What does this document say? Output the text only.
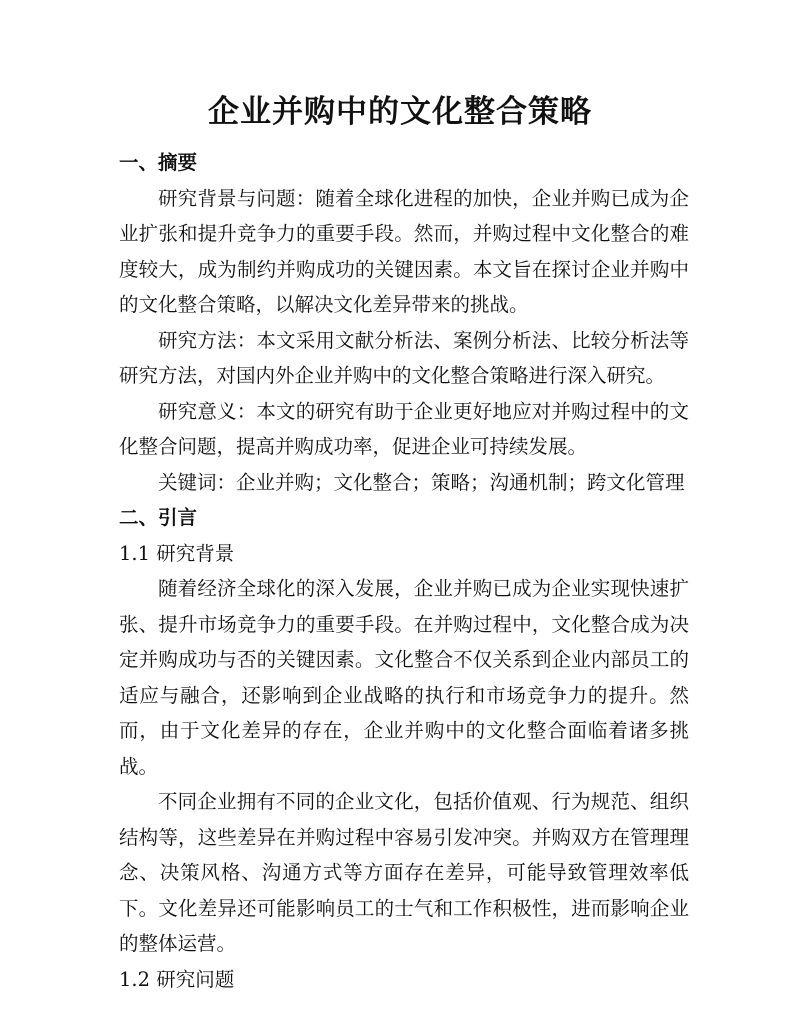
企业并购中的文化整合策略

一、摘要

研究背景与问题：随着全球化进程的加快，企业并购已成为企业扩张和提升竞争力的重要手段。然而，并购过程中文化整合的难度较大，成为制约并购成功的关键因素。本文旨在探讨企业并购中的文化整合策略，以解决文化差异带来的挑战。

研究方法：本文采用文献分析法、案例分析法、比较分析法等研究方法，对国内外企业并购中的文化整合策略进行深入研究。

研究意义：本文的研究有助于企业更好地应对并购过程中的文化整合问题，提高并购成功率，促进企业可持续发展。

关键词：企业并购；文化整合；策略；沟通机制；跨文化管理

二、引言

1.1 研究背景

随着经济全球化的深入发展，企业并购已成为企业实现快速扩张、提升市场竞争力的重要手段。在并购过程中，文化整合成为决定并购成功与否的关键因素。文化整合不仅关系到企业内部员工的适应与融合，还影响到企业战略的执行和市场竞争力的提升。然而，由于文化差异的存在，企业并购中的文化整合面临着诸多挑战。

不同企业拥有不同的企业文化，包括价值观、行为规范、组织结构等，这些差异在并购过程中容易引发冲突。并购双方在管理理念、决策风格、沟通方式等方面存在差异，可能导致管理效率低下。文化差异还可能影响员工的士气和工作积极性，进而影响企业的整体运营。

1.2 研究问题
